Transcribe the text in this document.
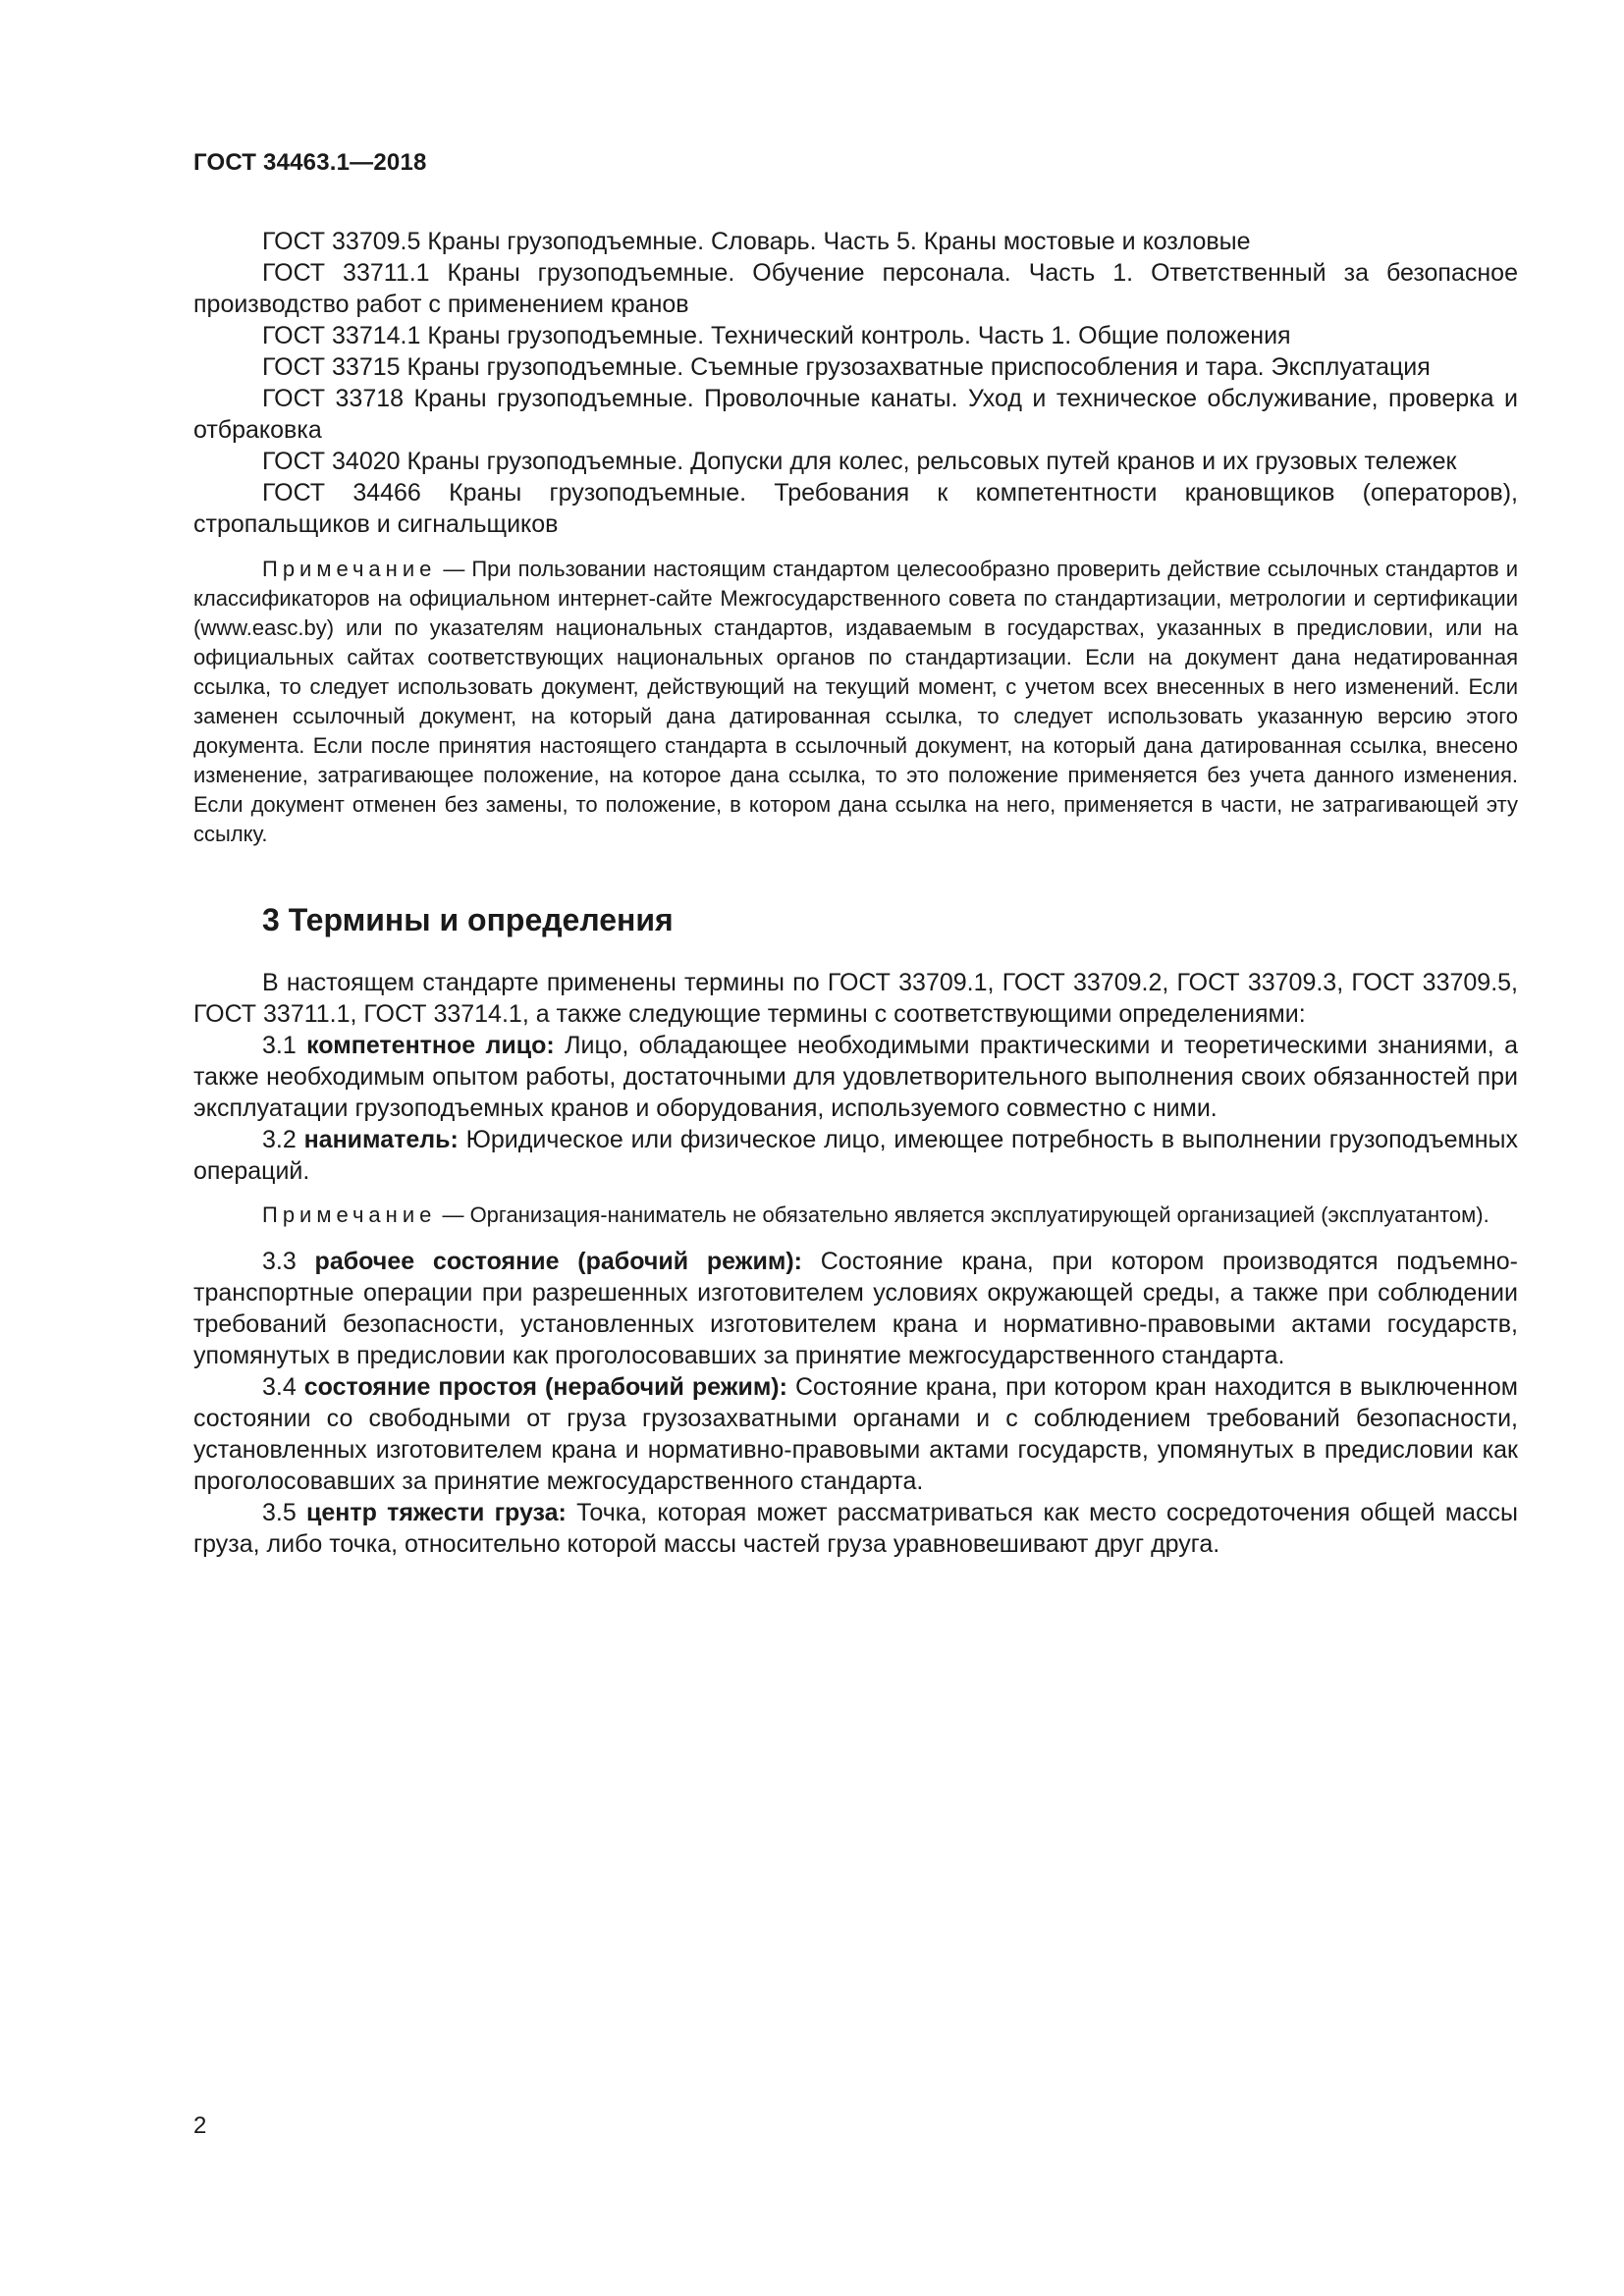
ГОСТ 34463.1—2018

ГОСТ 33709.5 Краны грузоподъемные. Словарь. Часть 5. Краны мостовые и козловые

ГОСТ 33711.1 Краны грузоподъемные. Обучение персонала. Часть 1. Ответственный за безопасное производство работ с применением кранов

ГОСТ 33714.1 Краны грузоподъемные. Технический контроль. Часть 1. Общие положения

ГОСТ 33715 Краны грузоподъемные. Съемные грузозахватные приспособления и тара. Эксплуатация

ГОСТ 33718 Краны грузоподъемные. Проволочные канаты. Уход и техническое обслуживание, проверка и отбраковка

ГОСТ 34020 Краны грузоподъемные. Допуски для колес, рельсовых путей кранов и их грузовых тележек

ГОСТ 34466 Краны грузоподъемные. Требования к компетентности крановщиков (операторов), стропальщиков и сигнальщиков

Примечание — При пользовании настоящим стандартом целесообразно проверить действие ссылочных стандартов и классификаторов на официальном интернет-сайте Межгосударственного совета по стандартизации, метрологии и сертификации (www.easc.by) или по указателям национальных стандартов, издаваемым в государствах, указанных в предисловии, или на официальных сайтах соответствующих национальных органов по стандартизации. Если на документ дана недатированная ссылка, то следует использовать документ, действующий на текущий момент, с учетом всех внесенных в него изменений. Если заменен ссылочный документ, на который дана датированная ссылка, то следует использовать указанную версию этого документа. Если после принятия настоящего стандарта в ссылочный документ, на который дана датированная ссылка, внесено изменение, затрагивающее положение, на которое дана ссылка, то это положение применяется без учета данного изменения. Если документ отменен без замены, то положение, в котором дана ссылка на него, применяется в части, не затрагивающей эту ссылку.

3 Термины и определения

В настоящем стандарте применены термины по ГОСТ 33709.1, ГОСТ 33709.2, ГОСТ 33709.3, ГОСТ 33709.5, ГОСТ 33711.1, ГОСТ 33714.1, а также следующие термины с соответствующими определениями:

3.1 компетентное лицо: Лицо, обладающее необходимыми практическими и теоретическими знаниями, а также необходимым опытом работы, достаточными для удовлетворительного выполнения своих обязанностей при эксплуатации грузоподъемных кранов и оборудования, используемого совместно с ними.

3.2 наниматель: Юридическое или физическое лицо, имеющее потребность в выполнении грузоподъемных операций.

Примечание — Организация-наниматель не обязательно является эксплуатирующей организацией (эксплуатантом).

3.3 рабочее состояние (рабочий режим): Состояние крана, при котором производятся подъемно-транспортные операции при разрешенных изготовителем условиях окружающей среды, а также при соблюдении требований безопасности, установленных изготовителем крана и нормативно-правовыми актами государств, упомянутых в предисловии как проголосовавших за принятие межгосударственного стандарта.

3.4 состояние простоя (нерабочий режим): Состояние крана, при котором кран находится в выключенном состоянии со свободными от груза грузозахватными органами и с соблюдением требований безопасности, установленных изготовителем крана и нормативно-правовыми актами государств, упомянутых в предисловии как проголосовавших за принятие межгосударственного стандарта.

3.5 центр тяжести груза: Точка, которая может рассматриваться как место сосредоточения общей массы груза, либо точка, относительно которой массы частей груза уравновешивают друг друга.

2
